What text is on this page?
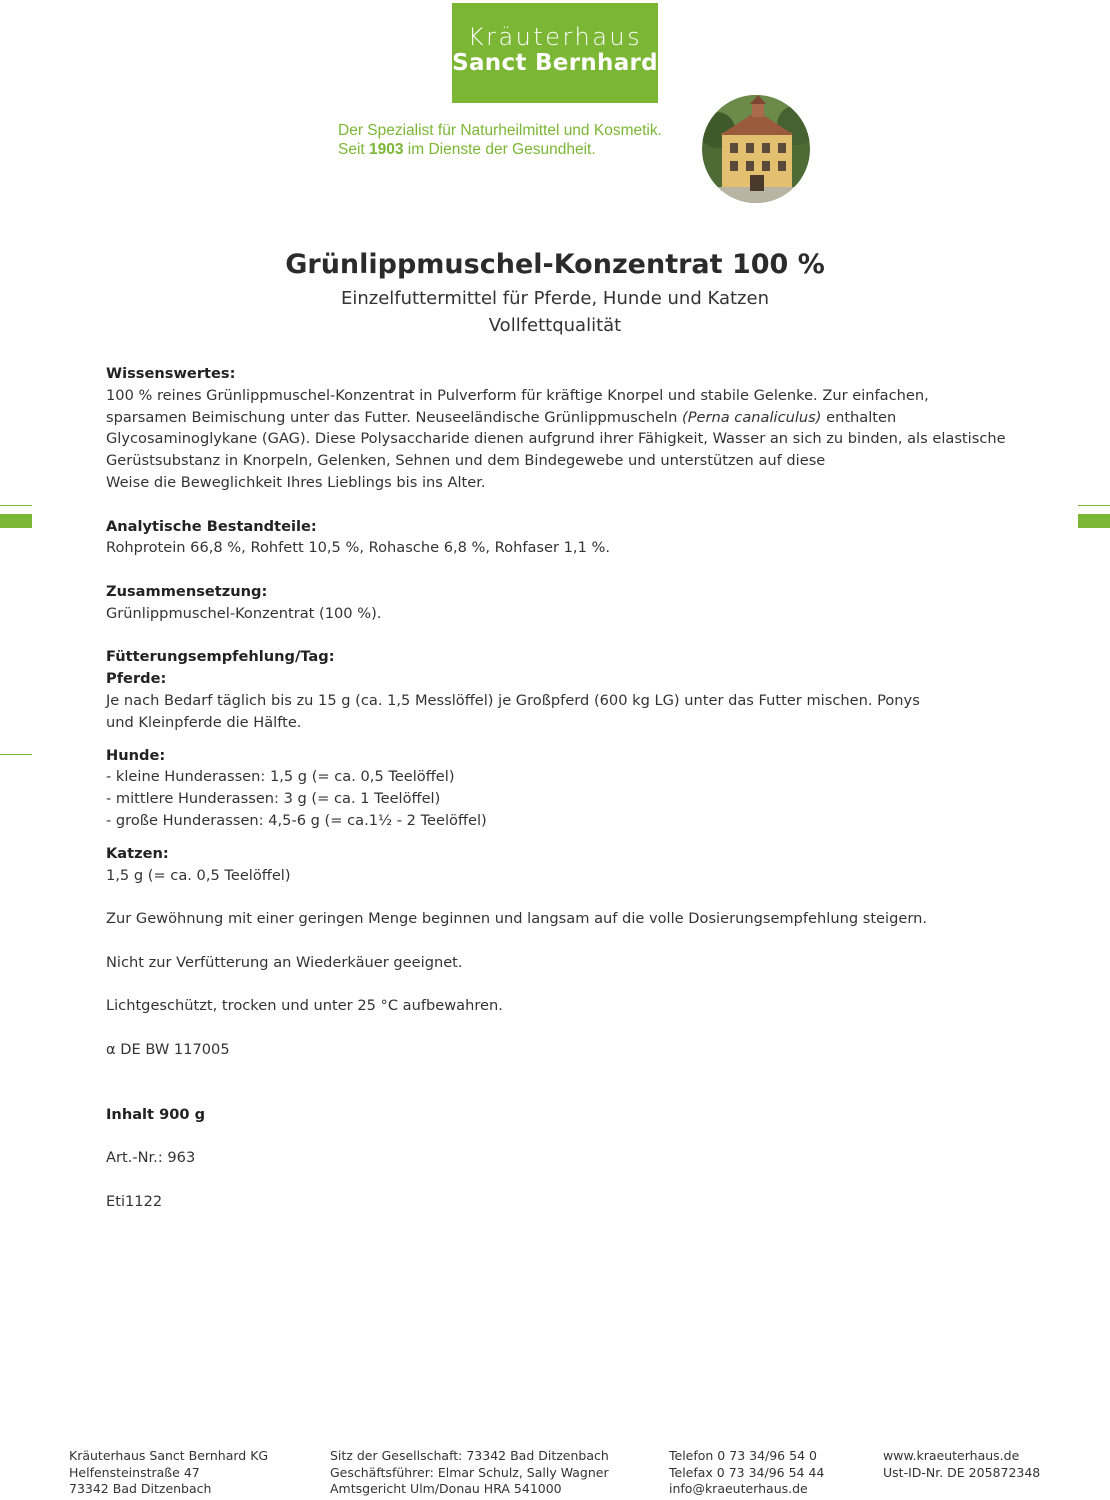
Kräuterhaus
Sanct Bernhard
Der Spezialist für Naturheilmittel und Kosmetik.
Seit 1903 im Dienste der Gesundheit.
Grünlippmuschel-Konzentrat 100 %
Einzelfuttermittel für Pferde, Hunde und Katzen
Vollfettqualität

Wissenswertes:

100 % reines Grünlippmuschel-Konzentrat in Pulverform für kräftige Knorpel und stabile Gelenke. Zur einfachen, sparsamen Beimischung unter das Futter. Neuseeländische Grünlippmuscheln (Perna canaliculus) enthalten Glycosaminoglykane (GAG). Diese Polysaccharide dienen aufgrund ihrer Fähigkeit, Wasser an sich zu binden, als elastische Gerüstsubstanz in Knorpeln, Gelenken, Sehnen und dem Bindegewebe und unterstützen auf diese

Weise die Beweglichkeit Ihres Lieblings bis ins Alter.

Analytische Bestandteile:

Rohprotein 66,8 %, Rohfett 10,5 %, Rohasche 6,8 %, Rohfaser 1,1 %.

Zusammensetzung:

Grünlippmuschel-Konzentrat (100 %).

Fütterungsempfehlung/Tag:

Pferde:

Je nach Bedarf täglich bis zu 15 g (ca. 1,5 Messlöffel) je Großpferd (600 kg LG) unter das Futter mischen. Ponys und Kleinpferde die Hälfte.

Hunde:

- kleine Hunderassen: 1,5 g (= ca. 0,5 Teelöffel)

- mittlere Hunderassen: 3 g (= ca. 1 Teelöffel)

- große Hunderassen: 4,5-6 g (= ca.1½ - 2 Teelöffel)

Katzen:

1,5 g (= ca. 0,5 Teelöffel)

Zur Gewöhnung mit einer geringen Menge beginnen und langsam auf die volle Dosierungsempfehlung steigern.

Nicht zur Verfütterung an Wiederkäuer geeignet.

Lichtgeschützt, trocken und unter 25 °C aufbewahren.

α DE BW 117005

Inhalt 900 g

Art.-Nr.: 963

Eti1122

Kräuterhaus Sanct Bernhard KG
Helfensteinstraße 47
73342 Bad Ditzenbach
Sitz der Gesellschaft: 73342 Bad Ditzenbach
Geschäftsführer: Elmar Schulz, Sally Wagner
Amtsgericht Ulm/Donau HRA 541000
Telefon 0 73 34/96 54 0
Telefax 0 73 34/96 54 44
info@kraeuterhaus.de
www.kraeuterhaus.de
Ust-ID-Nr. DE 205872348
